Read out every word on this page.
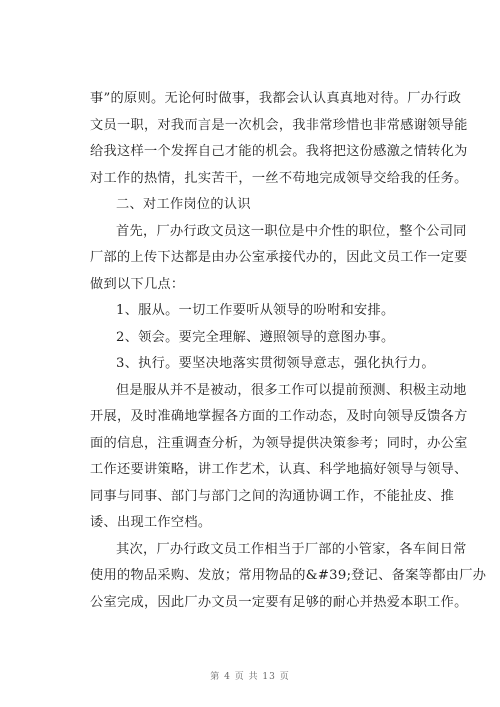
事”的原则。无论何时做事，我都会认认真真地对待。厂办行政
文员一职，对我而言是一次机会，我非常珍惜也非常感谢领导能
给我这样一个发挥自己才能的机会。我将把这份感激之情转化为
对工作的热情，扎实苦干，一丝不苟地完成领导交给我的任务。
二、对工作岗位的认识
首先，厂办行政文员这一职位是中介性的职位，整个公司同
厂部的上传下达都是由办公室承接代办的，因此文员工作一定要
做到以下几点：
1、服从。一切工作要听从领导的吩咐和安排。
2、领会。要完全理解、遵照领导的意图办事。
3、执行。要坚决地落实贯彻领导意志，强化执行力。
但是服从并不是被动，很多工作可以提前预测、积极主动地
开展，及时准确地掌握各方面的工作动态，及时向领导反馈各方
面的信息，注重调查分析，为领导提供决策参考；同时，办公室
工作还要讲策略，讲工作艺术，认真、科学地搞好领导与领导、
同事与同事、部门与部门之间的沟通协调工作，不能扯皮、推
诿、出现工作空档。
其次，厂办行政文员工作相当于厂部的小管家，各车间日常
使用的物品采购、发放；常用物品的&#39;登记、备案等都由厂办
公室完成，因此厂办文员一定要有足够的耐心并热爱本职工作。
第 4 页 共 13 页
